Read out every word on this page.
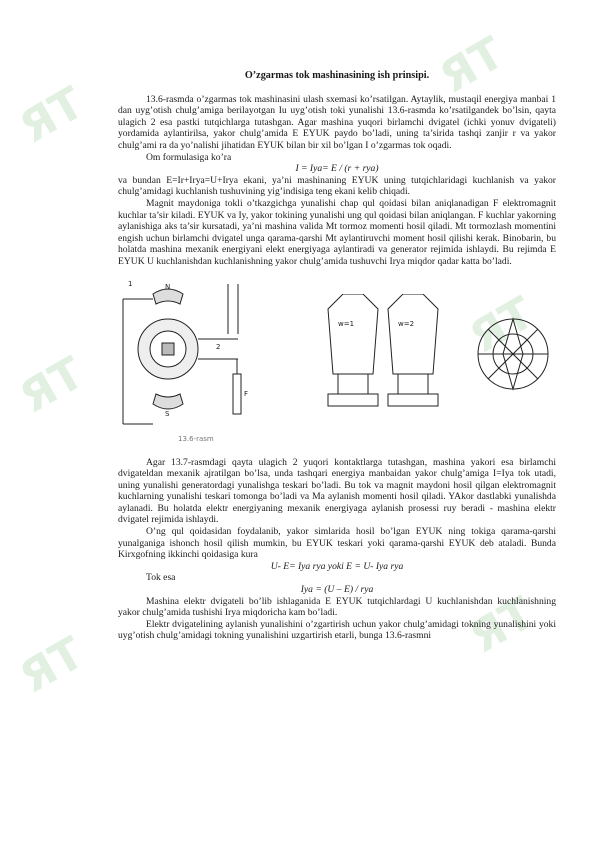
ЯТ
ЯТ
ЯТ
ЯТ
ЯТ
ЯТ
O’zgarmas tok mashinasining ish prinsipi.

13.6-rasmda o’zgarmas tok mashinasini ulash sxemasi ko’rsatilgan. Aytaylik, mustaqil energiya manbai 1 dan uyg’otish chulg’amiga berilayotgan Iu uyg’otish toki yunalishi 13.6-rasmda ko’rsatilgandek bo’lsin, qayta ulagich 2 esa pastki tutqichlarga tutashgan. Agar mashina yuqori birlamchi dvigatel (ichki yonuv dvigateli) yordamida aylantirilsa, yakor chulg’amida E EYUK paydo bo’ladi, uning ta’sirida tashqi zanjir r va yakor chulg’ami ra da yo’nalishi jihatidan EYUK bilan bir xil bo’lgan I o’zgarmas tok oqadi.

Om formulasiga ko’ra

I = Iya= E / (r + rya)

va bundan E=Ir+Irya=U+Irya ekani, ya’ni mashinaning EYUK uning tutqichlaridagi kuchlanish va yakor chulg’amidagi kuchlanish tushuvining yig’indisiga teng ekani kelib chiqadi.

Magnit maydoniga tokli o’tkazgichga yunalishi chap qul qoidasi bilan aniqlanadigan F elektromagnit kuchlar ta’sir kiladi. EYUK va Iy, yakor tokining yunalishi ung qul qoidasi bilan aniqlangan. F kuchlar yakorning aylanishiga aks ta’sir kursatadi, ya’ni mashina valida Mt tormoz momenti hosil qiladi. Mt tormozlash momentini engish uchun birlamchi dvigatel unga qarama-qarshi Mt aylantiruvchi moment hosil qilishi kerak. Binobarin, bu holatda mashina mexanik energiyani elekt energiyaga aylantiradi va generator rejimida ishlaydi. Bu rejimda E EYUK U kuchlanishdan kuchlanishning yakor chulg’amida tushuvchi Irya miqdor qadar katta bo’ladi.

1	N
S
2
F
13.6-rasm
w=1	w=2

Agar 13.7-rasmdagi qayta ulagich 2 yuqori kontaktlarga tutashgan, mashina yakori esa birlamchi dvigateldan mexanik ajratilgan bo’lsa, unda tashqari energiya manbaidan yakor chulg’amiga I=Iya tok utadi, uning yunalishi generatordagi yunalishga teskari bo’ladi. Bu tok va magnit maydoni hosil qilgan elektromagnit kuchlarning yunalishi teskari tomonga bo’ladi va Ma aylanish momenti hosil qiladi. YAkor dastlabki yunalishda aylanadi. Bu holatda elektr energiyaning mexanik energiyaga aylanish prosessi ruy beradi - mashina elektr dvigatel rejimida ishlaydi.

O’ng qul qoidasidan foydalanib, yakor simlarida hosil bo’lgan EYUK ning tokiga qarama-qarshi yunalganiga ishonch hosil qilish mumkin, bu EYUK teskari yoki qarama-qarshi EYUK deb ataladi. Bunda Kirxgofning ikkinchi qoidasiga kura

U- E= Iya rya yoki E = U- Iya rya

Tok esa

Iya = (U – E) / rya

Mashina elektr dvigateli bo’lib ishlaganida E EYUK tutqichlardagi U kuchlanishdan kuchlanishning yakor chulg’amida tushishi Irya miqdoricha kam bo’ladi.

Elektr dvigatelining aylanish yunalishini o’zgartirish uchun yakor chulg’amidagi tokning yunalishini yoki uyg’otish chulg’amidagi tokning yunalishini uzgartirish etarli, bunga 13.6-rasmni
